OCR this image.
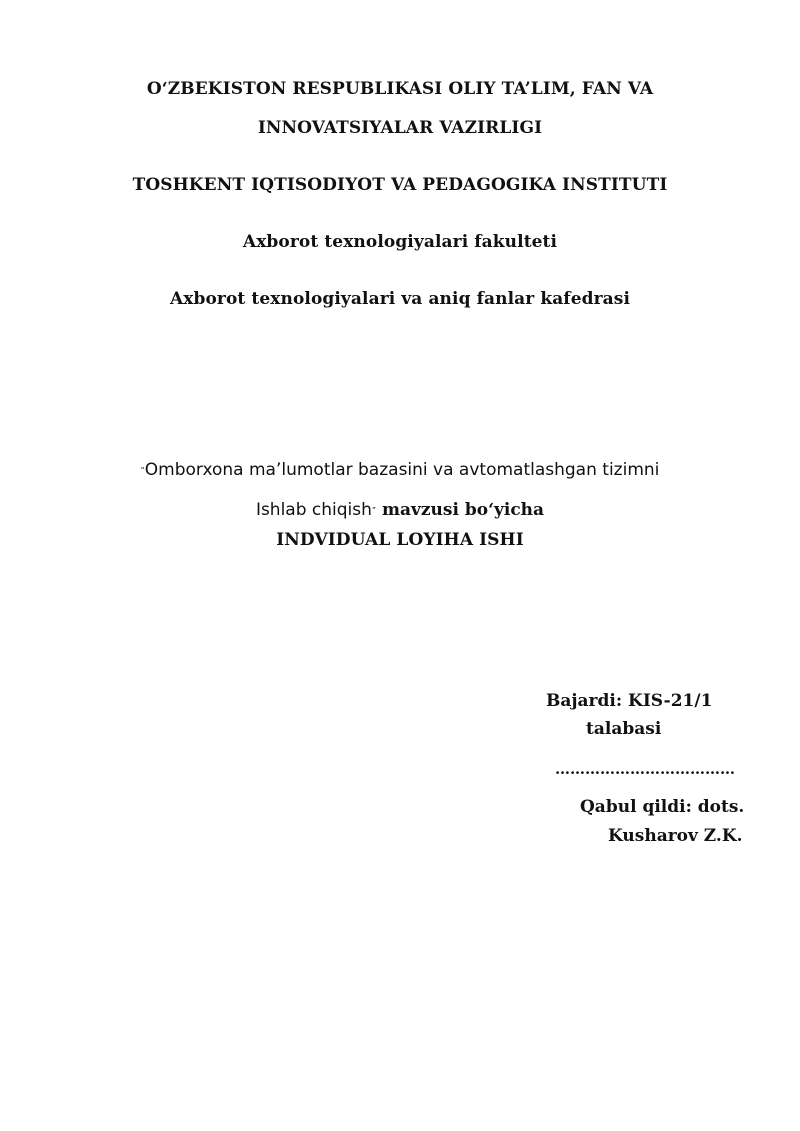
O‘ZBEKISTON RESPUBLIKASI OLIY TA’LIM, FAN VA
INNOVATSIYALAR VAZIRLIGI
TOSHKENT IQTISODIYOT VA PEDAGOGIKA INSTITUTI
Axborot texnologiyalari fakulteti
Axborot texnologiyalari va aniq fanlar kafedrasi
“Omborxona ma’lumotlar bazasini va avtomatlashgan tizimni
Ishlab chiqish” mavzusi bo‘yicha
INDVIDUAL LOYIHA ISHI
Bajardi: KIS-21/1
talabasi
………………………………
Qabul qildi: dots.
Kusharov Z.K.
